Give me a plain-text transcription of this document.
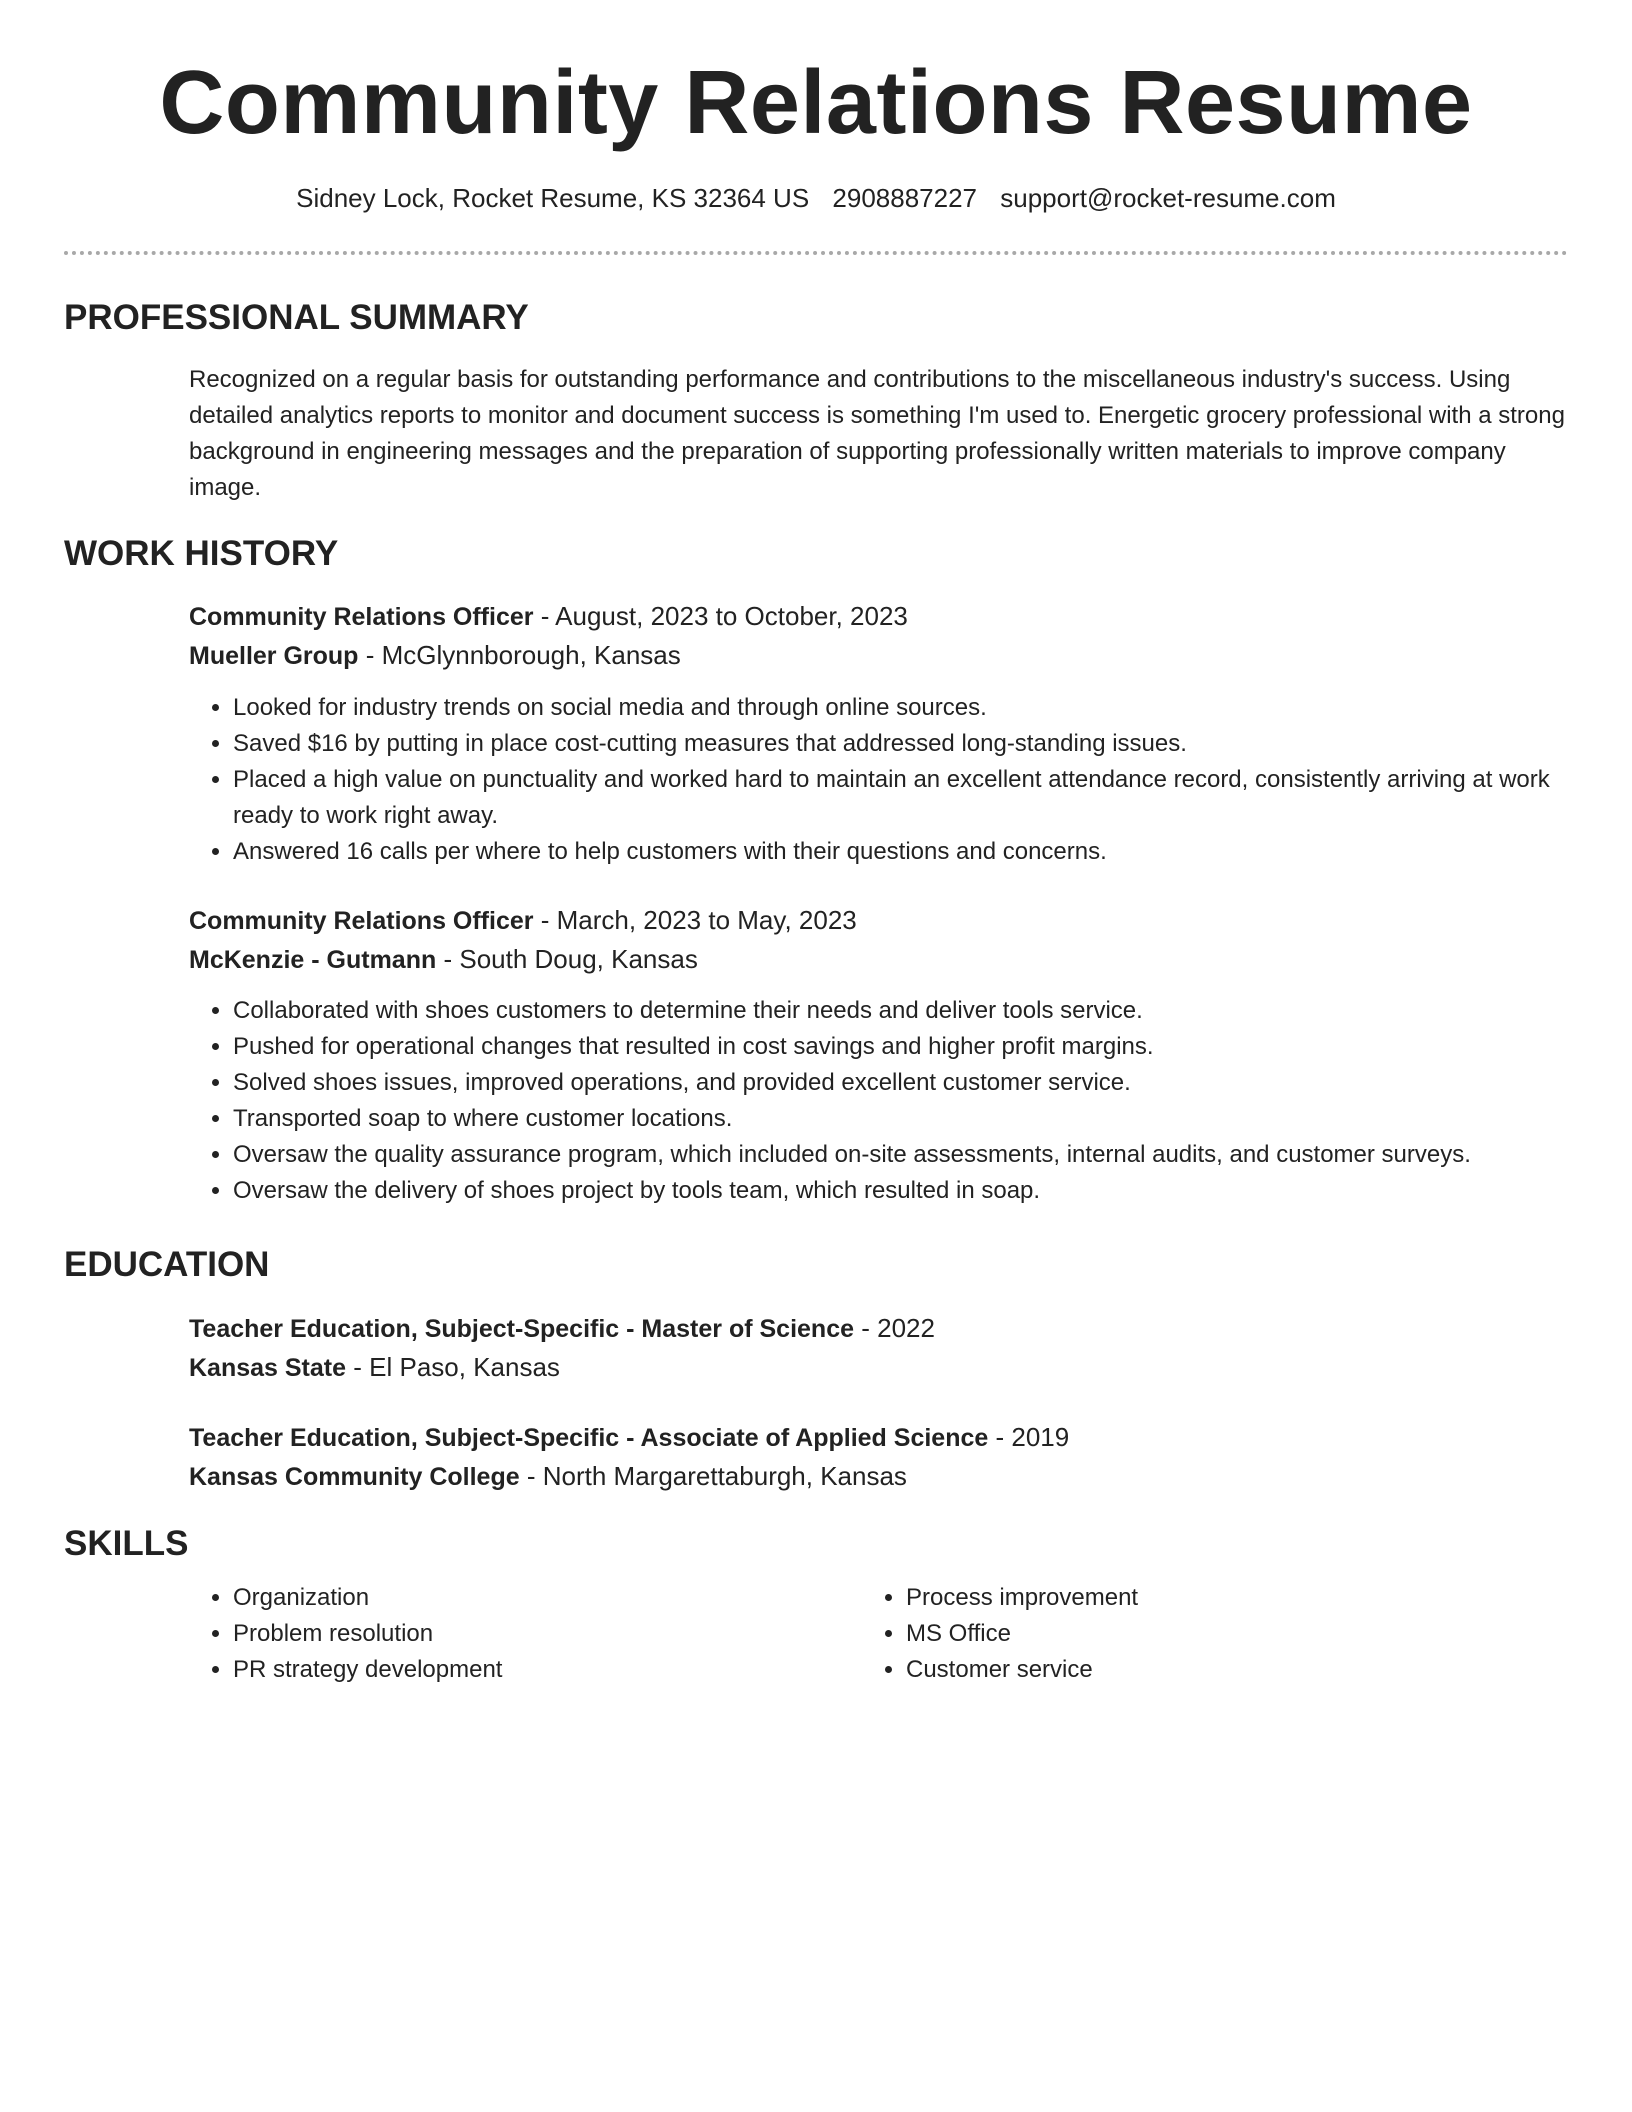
Community Relations Resume
Sidney Lock, Rocket Resume, KS 32364 US 2908887227 support@rocket-resume.com
PROFESSIONAL SUMMARY
Recognized on a regular basis for outstanding performance and contributions to the miscellaneous industry's success. Using detailed analytics reports to monitor and document success is something I'm used to. Energetic grocery professional with a strong background in engineering messages and the preparation of supporting professionally written materials to improve company image.
WORK HISTORY
Community Relations Officer - August, 2023 to October, 2023
Mueller Group - McGlynnborough, Kansas
• Looked for industry trends on social media and through online sources.
• Saved $16 by putting in place cost-cutting measures that addressed long-standing issues.
• Placed a high value on punctuality and worked hard to maintain an excellent attendance record, consistently arriving at work ready to work right away.
• Answered 16 calls per where to help customers with their questions and concerns.
Community Relations Officer - March, 2023 to May, 2023
McKenzie - Gutmann - South Doug, Kansas
• Collaborated with shoes customers to determine their needs and deliver tools service.
• Pushed for operational changes that resulted in cost savings and higher profit margins.
• Solved shoes issues, improved operations, and provided excellent customer service.
• Transported soap to where customer locations.
• Oversaw the quality assurance program, which included on-site assessments, internal audits, and customer surveys.
• Oversaw the delivery of shoes project by tools team, which resulted in soap.
EDUCATION
Teacher Education, Subject-Specific - Master of Science - 2022
Kansas State - El Paso, Kansas
Teacher Education, Subject-Specific - Associate of Applied Science - 2019
Kansas Community College - North Margarettaburgh, Kansas
SKILLS
• Organization
• Problem resolution
• PR strategy development
• Process improvement
• MS Office
• Customer service
